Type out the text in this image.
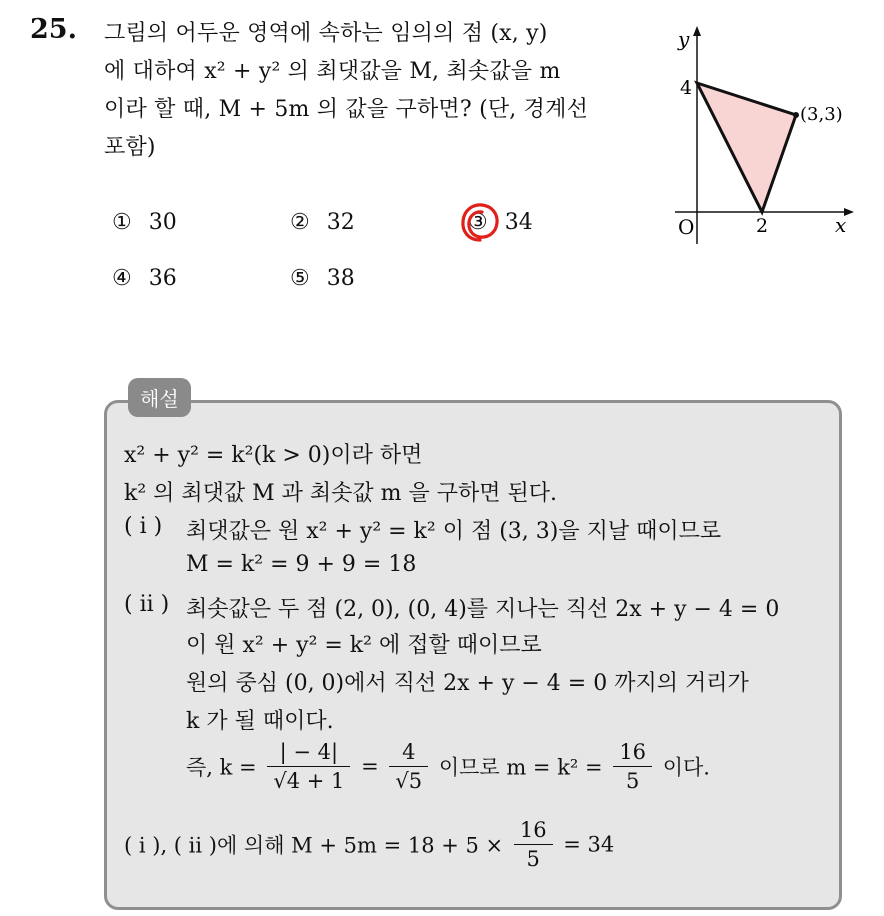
25. 그림의 어두운 영역에 속하는 임의의 점 (x, y)
에 대하여 x² + y² 의 최댓값을 M, 최솟값을 m
이라 할 때, M + 5m 의 값을 구하면? (단, 경계선
포함)
① 30	② 32	③ 34
④ 36	⑤ 38
y
x
O
4
2
(3,3)
해설
x² + y² = k²(k > 0)이라 하면
k² 의 최댓값 M 과 최솟값 m 을 구하면 된다.
( i ) 최댓값은 원 x² + y² = k² 이 점 (3, 3)을 지날 때이므로
M = k² = 9 + 9 = 18
( ii ) 최솟값은 두 점 (2, 0), (0, 4)를 지나는 직선 2x + y − 4 = 0
이 원 x² + y² = k² 에 접할 때이므로
원의 중심 (0, 0)에서 직선 2x + y − 4 = 0 까지의 거리가
k 가 될 때이다.
즉, $k = \frac{| - 4|}{√4 + 1} = \frac{4}{√5}$ 이므로 $m = k^2 = \frac{16}{5}$ 이다.
( i ), ( ii )에 의해 $M + 5m = 18 + 5 \times \frac{16}{5} = 34$
